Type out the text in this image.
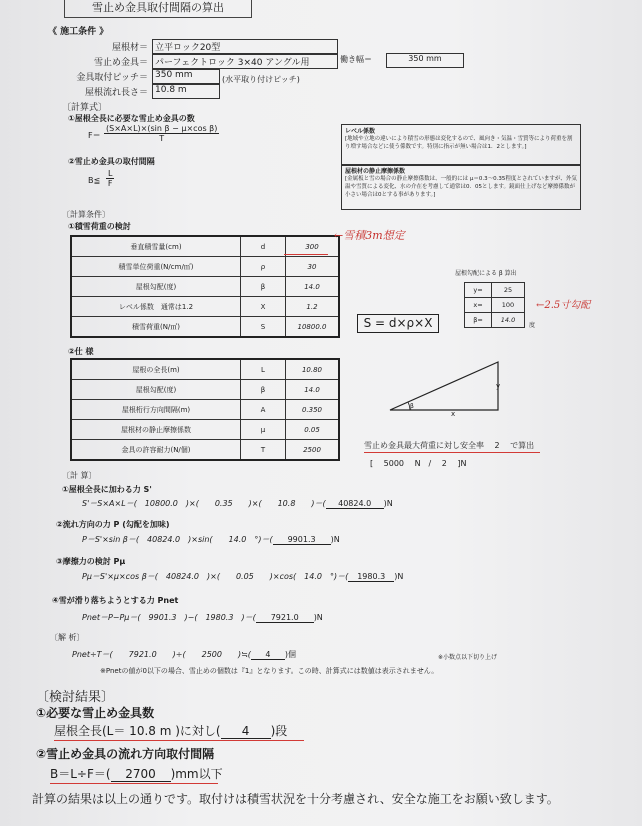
雪止め金具取付間隔の算出
《 施工条件 》
屋根材＝ 立平ロック20型
働き幅＝	350 mm
雪止め金具＝ パーフェクトロック 3×40 アングル用
金具取付ピッチ＝ 350 mm	(水平取り付けピッチ)
屋根流れ長さ＝ 10.8 m
〔計算式〕
①屋根全長に必要な雪止め金具の数
$F= \frac{\text{(S×A×L)×(sin β − μ×cos β)}}{T}$
②雪止め金具の取付間隔
B≦ $\frac{L}{F}$
レベル係数
[地域や立地の違いにより積雪の形態は変化するので、風向き・気温・雪質等により荷重を割り増す場合などに使う係数です。特別に指示が無い場合は1．2とします。]
屋根材の静止摩擦係数
[金属板と雪の場合の静止摩擦係数は、一般的には μ＝0.3〜0.35程度とされていますが、外気温や雪質による変化、水の介在を考慮して通常は0．05とします。鏡面仕上げなど摩擦係数が小さい場合は0とする事があります。]
〔計算条件〕
①積雪荷重の検討
垂直積雪量(cm)	d	300
積雪単位荷重(N/cm/㎡)	ρ	30
屋根勾配(度)	β	14.0
レベル係数　通常は1.2	X	1.2
積雪荷重(N/㎡)	S	10800.0
←雪積3m想定
S = d×ρ×X
屋根勾配による β 算出
y=	25
x=	100
β=	14.0
度
←2.5寸勾配
②仕 様
屋根の全長(m)	L	10.80
屋根勾配(度)	β	14.0
屋根桁行方向間隔(m)	A	0.350
屋根材の静止摩擦係数	μ	0.05
金具の許容耐力(N/個)	T	2500
y
x
β
雪止め金具最大荷重に対し安全率　 2 　で算出
[　 5000　 N　/　 2 　]N
〔計 算〕
①屋根全長に加わる力 S'
S'＝S×A×L＝(　10800.0　)×(　　0.35　　)×(　　10.8　　)＝( 40824.0 )N
②流れ方向の力 P (勾配を加味)
P＝S'×sin β＝(　40824.0　)×sin(　　14.0　°)＝( 9901.3 )N
③摩擦力の検討 Pμ
Pμ＝S'×μ×cos β＝(　40824.0　)×(　　0.05　　)×cos(　14.0　°)＝( 1980.3 )N
④雪が滑り落ちようとする力 Pnet
Pnet＝P−Pμ＝(　9901.3　)−(　1980.3　)＝( 7921.0 )N
〔解 析〕
Pnet÷T＝(　　7921.0　　)÷(　　2500　　)≒( 4 )個	※小数点以下切り上げ
※Pnetの値が0以下の場合、雪止めの個数は『1』となります。この時、計算式には数値は表示されません。
〔検討結果〕
①必要な雪止め金具数
屋根全長(L＝ 10.8 m )に対し( 4 )段
②雪止め金具の流れ方向取付間隔
B＝L÷F＝( 2700 )mm以下
計算の結果は以上の通りです。取付けは積雪状況を十分考慮され、安全な施工をお願い致します。
